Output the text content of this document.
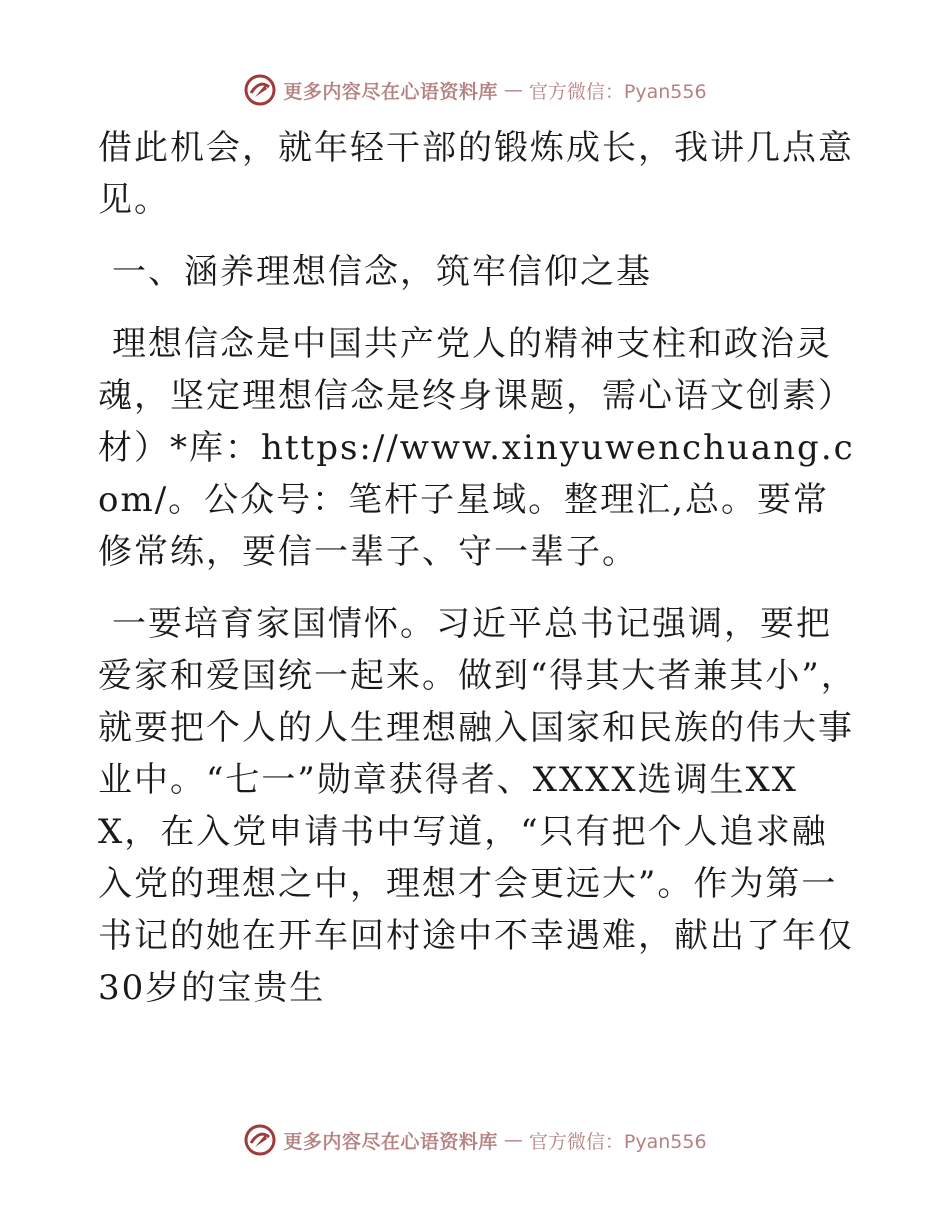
更多内容尽在心语资料库 — 官方微信：Pyan556

借此机会，就年轻干部的锻炼成长，我讲几点意见。

一、涵养理想信念，筑牢信仰之基

理想信念是中国共产党人的精神支柱和政治灵魂，坚定理想信念是终身课题，需心语文创素）材）*库：https://www.xinyuwenchuang.com/。公众号：笔杆子星域。整理汇,总。要常修常练，要信一辈子、守一辈子。

一要培育家国情怀。习近平总书记强调，要把爱家和爱国统一起来。做到“得其大者兼其小”，就要把个人的人生理想融入国家和民族的伟大事业中。“七一”勋章获得者、XXXX选调生XXX，在入党申请书中写道，“只有把个人追求融入党的理想之中，理想才会更远大”。作为第一书记的她在开车回村途中不幸遇难，献出了年仅30岁的宝贵生

更多内容尽在心语资料库 — 官方微信：Pyan556
